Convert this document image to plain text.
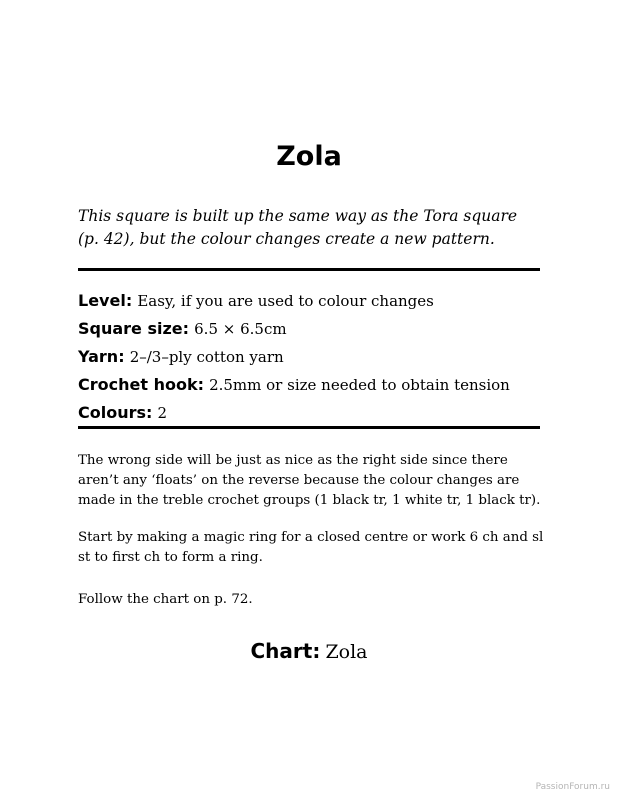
Zola
This square is built up the same way as the Tora square
(p. 42), but the colour changes create a new pattern.
Level: Easy, if you are used to colour changes
Square size: 6.5 × 6.5cm
Yarn: 2–/3–ply cotton yarn
Crochet hook: 2.5mm or size needed to obtain tension
Colours: 2
The wrong side will be just as nice as the right side since there
aren’t any ‘floats’ on the reverse because the colour changes are
made in the treble crochet groups (1 black tr, 1 white tr, 1 black tr).
Start by making a magic ring for a closed centre or work 6 ch and sl
st to first ch to form a ring.
Follow the chart on p. 72.
Chart: Zola
PassionForum.ru
